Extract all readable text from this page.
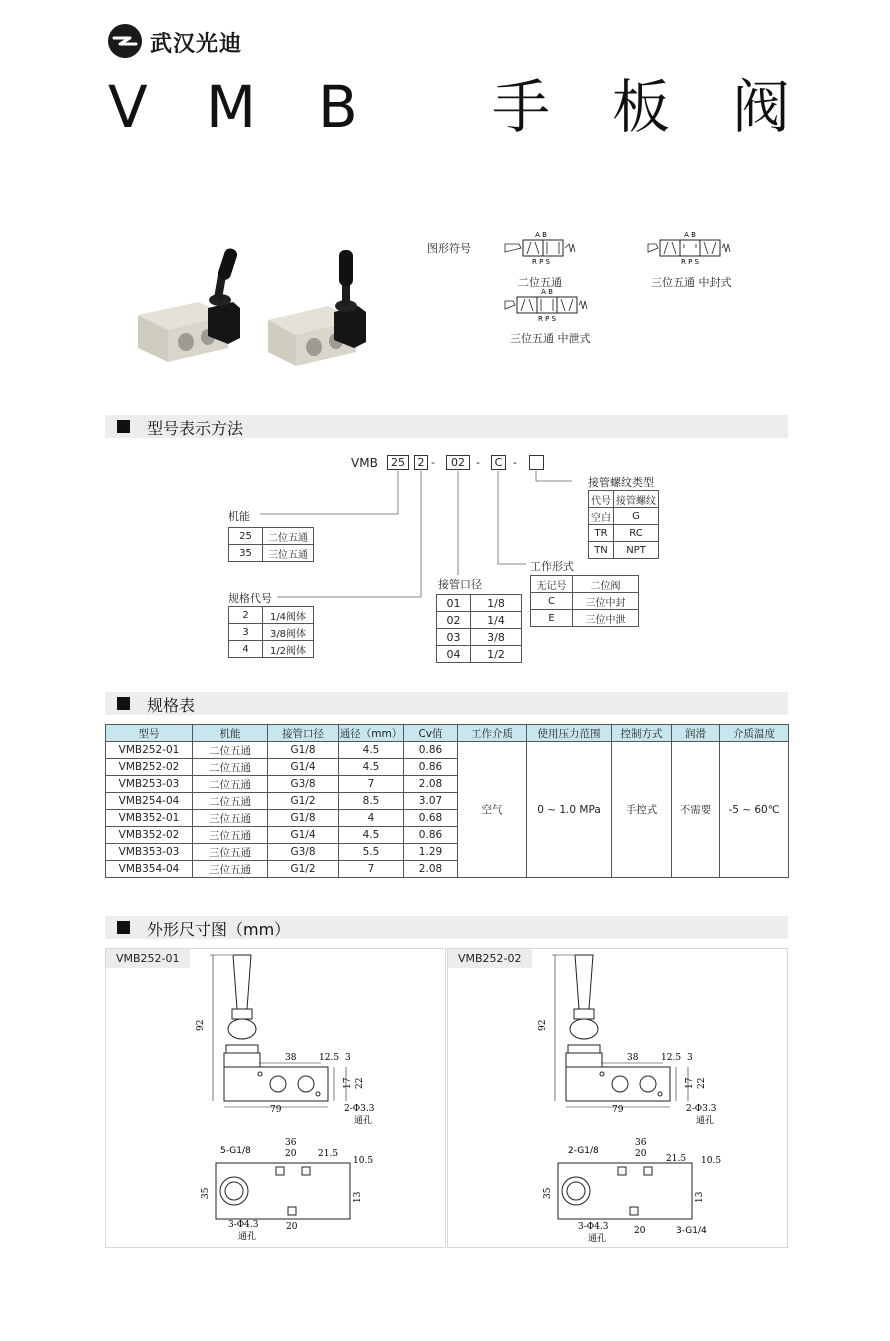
武汉光迪
V M B 手 板 阀
图形符号
A B
R P S
二位五通
A B
R P S
三位五通 中封式
A B
R P S
三位五通 中泄式
型号表示方法
VMB	25	2 -	02	-	C -
机能
25	二位五通
35	三位五通
规格代号
2	1/4阀体
3	3/8阀体
4	1/2阀体
接管口径
01	1/8
02	1/4
03	3/8
04	1/2
工作形式
无记号	二位阀
C	三位中封
E	三位中泄
接管螺纹类型
代号	接管螺纹
空白	G
TR	RC
TN	NPT
规格表
型号	机能	接管口径	通径（mm）	Cv值	工作介质	使用压力范围	控制方式	润滑	介质温度
VMB252-01	二位五通	G1/8	4.5	0.86	空气	0 ~ 1.0 MPa	手控式	不需要	-5 ~ 60℃
VMB252-02	二位五通	G1/4	4.5	0.86					
VMB253-03	二位五通	G3/8	7	2.08					
VMB254-04	二位五通	G1/2	8.5	3.07					
VMB352-01	三位五通	G1/8	4	0.68					
VMB352-02	三位五通	G1/4	4.5	0.86					
VMB353-03	三位五通	G3/8	5.5	1.29					
VMB354-04	三位五通	G1/2	7	2.08					
外形尺寸图（mm）
VMB252-01
92
38	12.5 3
17 22
79	2-Φ3.3
通孔
5-G1/8
36
20 21.5
10.5
35	13
3-Φ4.3
通孔
20
VMB252-02
92
38	12.5 3
17 22
79	2-Φ3.3
通孔
2-G1/8
36
20 21.5 10.5
35	13
3-Φ4.3
通孔
20	3-G1/4
